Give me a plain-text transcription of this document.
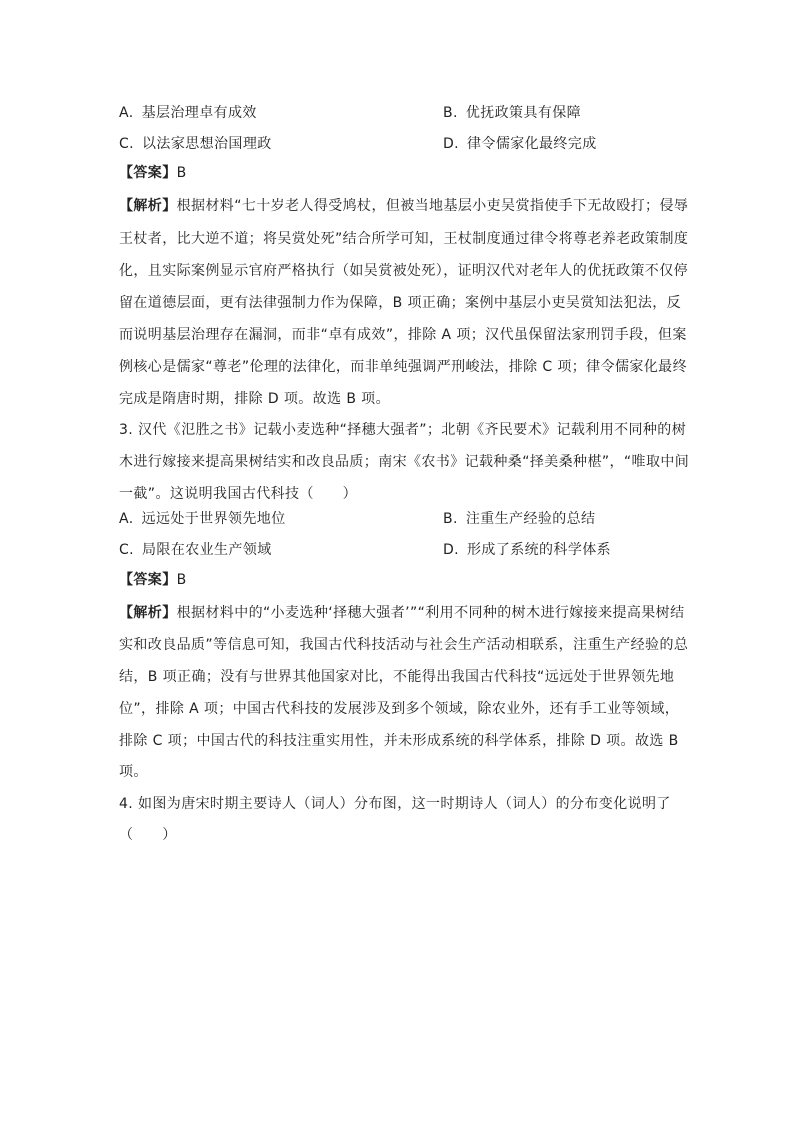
A. 基层治理卓有成效	B. 优抚政策具有保障
C. 以法家思想治国理政	D. 律令儒家化最终完成
【答案】B
【解析】根据材料“七十岁老人得受鸠杖，但被当地基层小吏吴赏指使手下无故殴打；侵辱
王杖者，比大逆不道；将吴赏处死”结合所学可知，王杖制度通过律令将尊老养老政策制度
化，且实际案例显示官府严格执行（如吴赏被处死），证明汉代对老年人的优抚政策不仅停
留在道德层面，更有法律强制力作为保障，B 项正确；案例中基层小吏吴赏知法犯法，反
而说明基层治理存在漏洞，而非“卓有成效”，排除 A 项；汉代虽保留法家刑罚手段，但案
例核心是儒家“尊老”伦理的法律化，而非单纯强调严刑峻法，排除 C 项；律令儒家化最终
完成是隋唐时期，排除 D 项。故选 B 项。
3. 汉代《氾胜之书》记载小麦选种“择穗大强者”；北朝《齐民要术》记载利用不同种的树
木进行嫁接来提高果树结实和改良品质；南宋《农书》记载种桑“择美桑种椹”，“唯取中间
一截”。这说明我国古代科技（　　）
A. 远远处于世界领先地位	B. 注重生产经验的总结
C. 局限在农业生产领域	D. 形成了系统的科学体系
【答案】B
【解析】根据材料中的“小麦选种‘择穗大强者’”“利用不同种的树木进行嫁接来提高果树结
实和改良品质”等信息可知，我国古代科技活动与社会生产活动相联系，注重生产经验的总
结，B 项正确；没有与世界其他国家对比，不能得出我国古代科技“远远处于世界领先地
位”，排除 A 项；中国古代科技的发展涉及到多个领域，除农业外，还有手工业等领域，
排除 C 项；中国古代的科技注重实用性，并未形成系统的科学体系，排除 D 项。故选 B
项。
4. 如图为唐宋时期主要诗人（词人）分布图，这一时期诗人（词人）的分布变化说明了
（　　）
